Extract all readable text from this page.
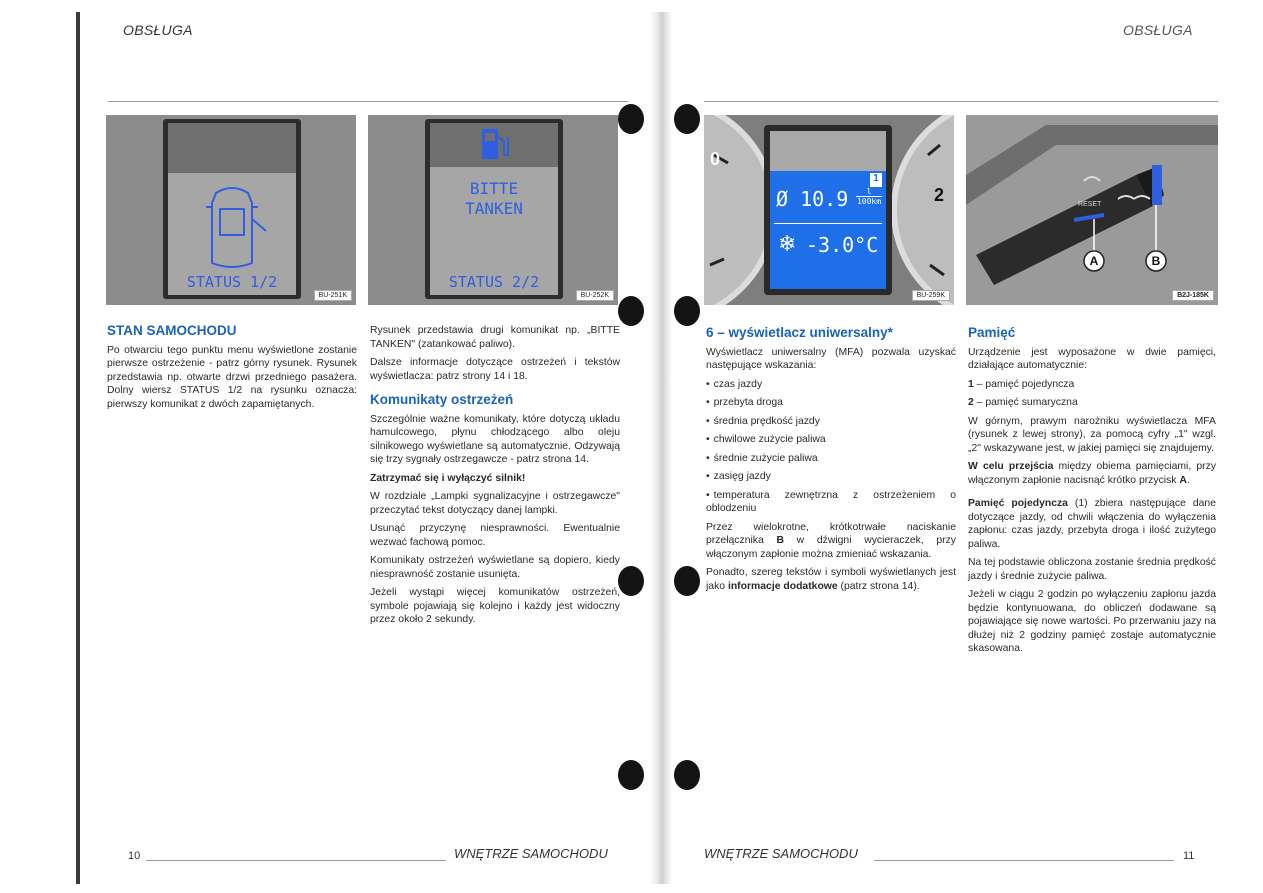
OBSŁUGA	OBSŁUGA
STATUS 1/2
BU-251K
BITTE
TANKEN
STATUS 2/2
BU-252K
0
2
1
Ø 10.9	l
100km
❄ -3.0°C
BU-259K
RESET
A	B
B2J-185K
STAN SAMOCHODU

Po otwarciu tego punktu menu wyświetlone zostanie pierwsze ostrzeżenie - patrz górny rysunek. Rysunek przedstawia np. otwarte drzwi przedniego pasażera. Dolny wiersz STATUS 1/2 na rysunku oznacza: pierwszy komunikat z dwóch zapamiętanych.

Rysunek przedstawia drugi komunikat np. „BITTE TANKEN" (zatankować paliwo).

Dalsze informacje dotyczące ostrzeżeń i tekstów wyświetlacza: patrz strony 14 i 18.

Komunikaty ostrzeżeń

Szczególnie ważne komunikaty, które dotyczą układu hamulcowego, płynu chłodzącego albo oleju silnikowego wyświetlane są automatycznie. Odzywają się trzy sygnały ostrzegawcze - patrz strona 14.

Zatrzymać się i wyłączyć silnik!

W rozdziale „Lampki sygnalizacyjne i ostrzegawcze" przeczytać tekst dotyczący danej lampki.

Usunąć przyczynę niesprawności. Ewentualnie wezwać fachową pomoc.

Komunikaty ostrzeżeń wyświetlane są dopiero, kiedy niesprawność zostanie usunięta.

Jeżeli wystąpi więcej komunikatów ostrzeżeń, symbole pojawiają się kolejno i każdy jest widoczny przez około 2 sekundy.

6 – wyświetlacz uniwersalny*

Wyświetlacz uniwersalny (MFA) pozwala uzyskać następujące wskazania:

• czas jazdy
• przebyta droga
• średnia prędkość jazdy
• chwilowe zużycie paliwa
• średnie zużycie paliwa
• zasięg jazdy
• temperatura zewnętrzna z ostrzeżeniem o oblodzeniu

Przez wielokrotne, krótkotrwałe naciskanie przełącznika B w dźwigni wycieraczek, przy włączonym zapłonie można zmieniać wskazania.

Ponadto, szereg tekstów i symboli wyświetlanych jest jako informacje dodatkowe (patrz strona 14).

Pamięć

Urządzenie jest wyposażone w dwie pamięci, działające automatycznie:

1 – pamięć pojedyncza

2 – pamięć sumaryczna

W górnym, prawym narożniku wyświetlacza MFA (rysunek z lewej strony), za pomocą cyfry „1" wzgl. „2" wskazywane jest, w jakiej pamięci się znajdujemy.

W celu przejścia między obiema pamięciami, przy włączonym zapłonie nacisnąć krótko przycisk A.

Pamięć pojedyncza (1) zbiera następujące dane dotyczące jazdy, od chwili włączenia do wyłączenia zapłonu: czas jazdy, przebyta droga i ilość zużytego paliwa.

Na tej podstawie obliczona zostanie średnia prędkość jazdy i średnie zużycie paliwa.

Jeżeli w ciągu 2 godzin po wyłączeniu zapłonu jazda będzie kontynuowana, do obliczeń dodawane są pojawiające się nowe wartości. Po przerwaniu jazy na dłużej niż 2 godziny pamięć zostaje automatycznie skasowana.

10	WNĘTRZE SAMOCHODU	WNĘTRZE SAMOCHODU	11
